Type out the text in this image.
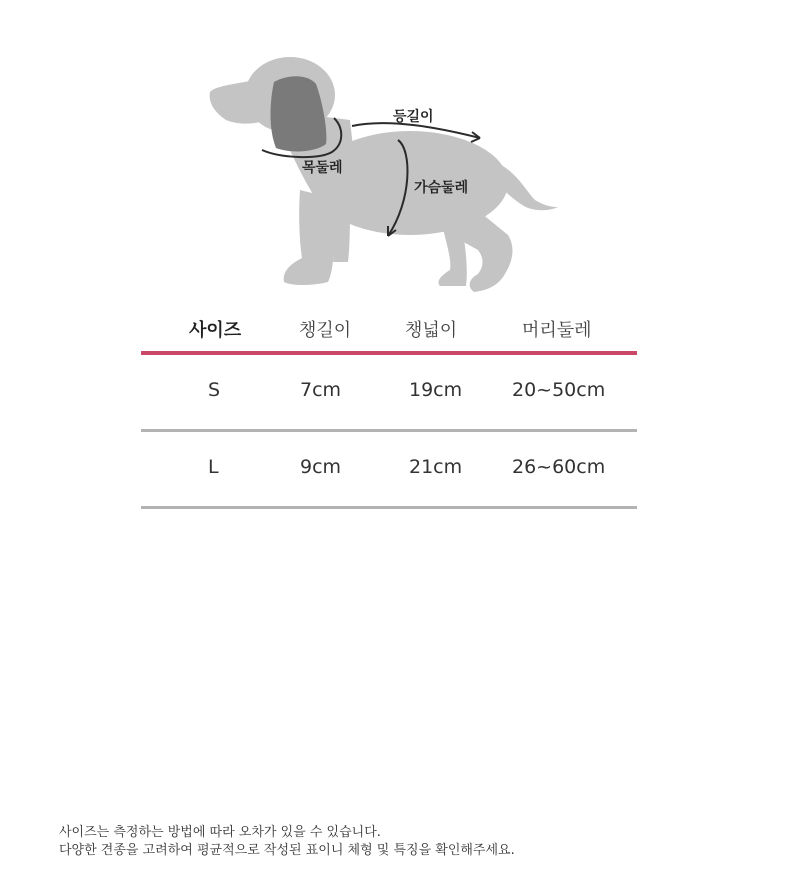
등길이
목둘레
가슴둘레
사이즈	챙길이	챙넓이	머리둘레
S	7cm	19cm	20~50cm
L	9cm	21cm	26~60cm
사이즈는 측정하는 방법에 따라 오차가 있을 수 있습니다.
다양한 견종을 고려하여 평균적으로 작성된 표이니 체형 및 특징을 확인해주세요.
